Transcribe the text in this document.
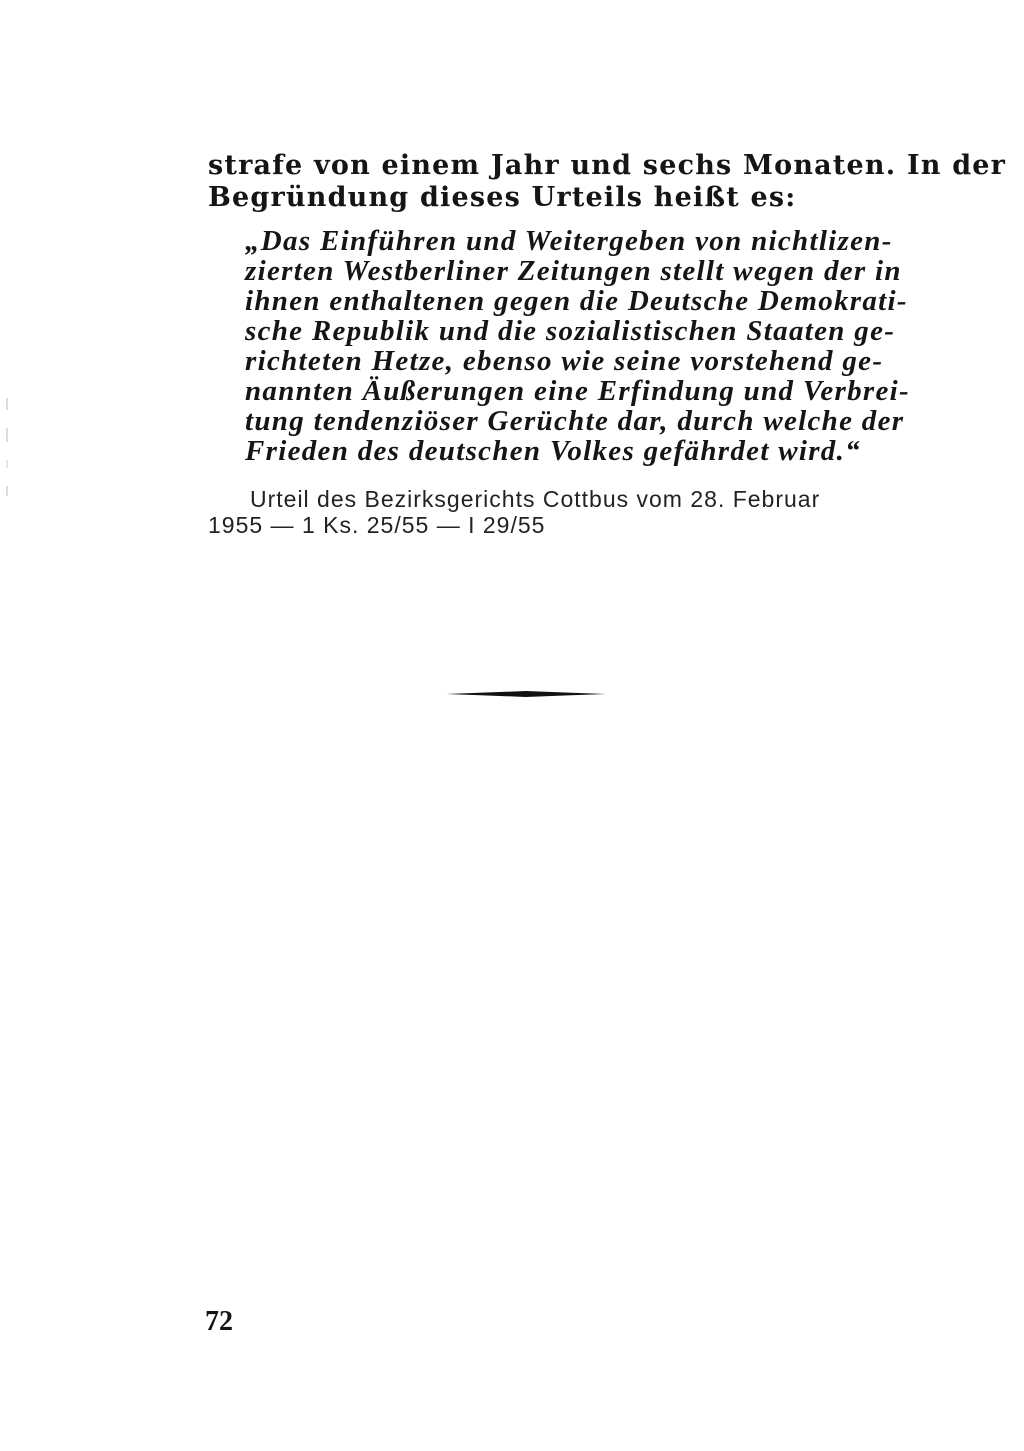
strafe von einem Jahr und sechs Monaten. In der

Begründung dieses Urteils heißt es:

„Das Einführen und Weitergeben von nichtlizen-

zierten Westberliner Zeitungen stellt wegen der in

ihnen enthaltenen gegen die Deutsche Demokrati-

sche Republik und die sozialistischen Staaten ge-

richteten Hetze, ebenso wie seine vorstehend ge-

nannten Äußerungen eine Erfindung und Verbrei-

tung tendenziöser Gerüchte dar, durch welche der

Frieden des deutschen Volkes gefährdet wird.“

Urteil des Bezirksgerichts Cottbus vom 28. Februar

1955 — 1 Ks. 25/55 — I 29/55

72
